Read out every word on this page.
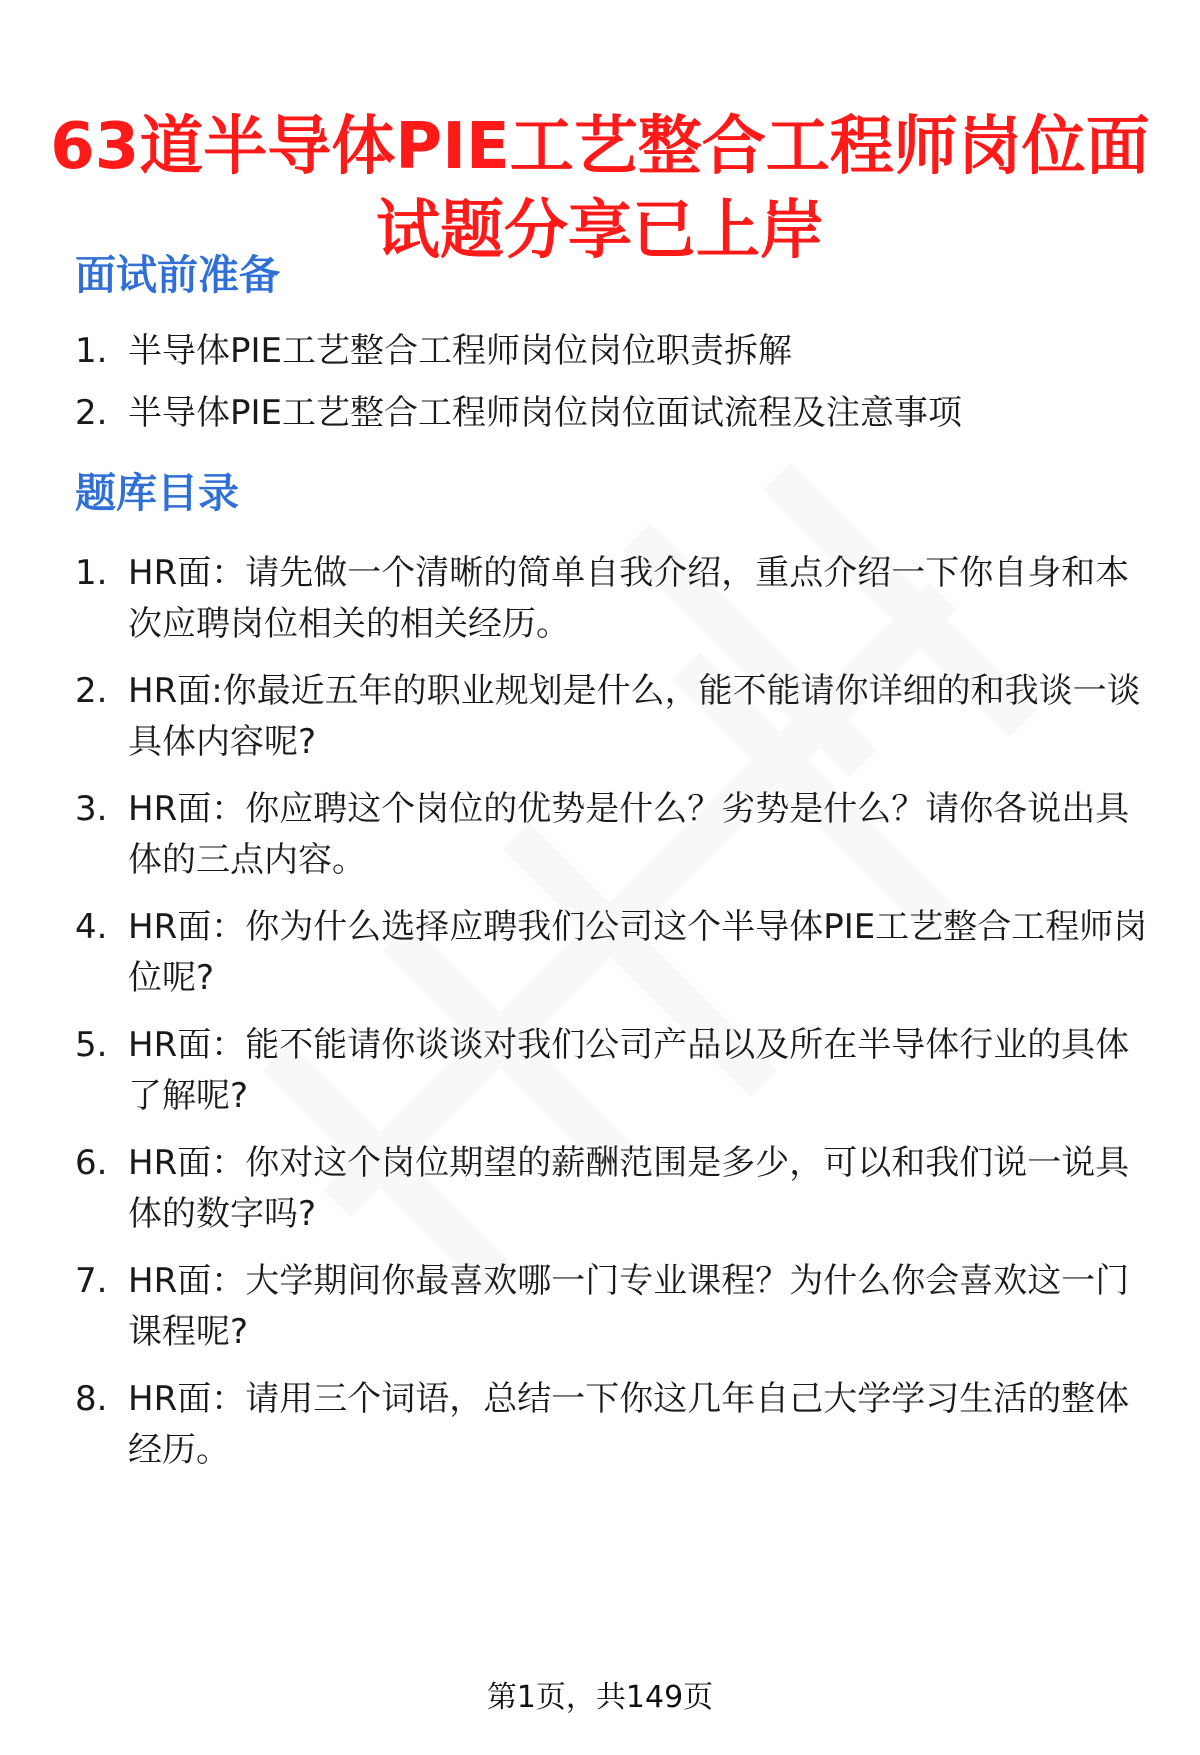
63道半导体PIE工艺整合工程师岗位面试题分享已上岸
面试前准备
1. 半导体PIE工艺整合工程师岗位岗位职责拆解
2. 半导体PIE工艺整合工程师岗位岗位面试流程及注意事项
题库目录
1. HR面：请先做一个清晰的简单自我介绍，重点介绍一下你自身和本次应聘岗位相关的相关经历。
2. HR面:你最近五年的职业规划是什么，能不能请你详细的和我谈一谈具体内容呢?
3. HR面：你应聘这个岗位的优势是什么？劣势是什么？请你各说出具体的三点内容。
4. HR面：你为什么选择应聘我们公司这个半导体PIE工艺整合工程师岗位呢?
5. HR面：能不能请你谈谈对我们公司产品以及所在半导体行业的具体了解呢?
6. HR面：你对这个岗位期望的薪酬范围是多少，可以和我们说一说具体的数字吗?
7. HR面：大学期间你最喜欢哪一门专业课程？为什么你会喜欢这一门课程呢?
8. HR面：请用三个词语，总结一下你这几年自己大学学习生活的整体经历。
第1页，共149页
